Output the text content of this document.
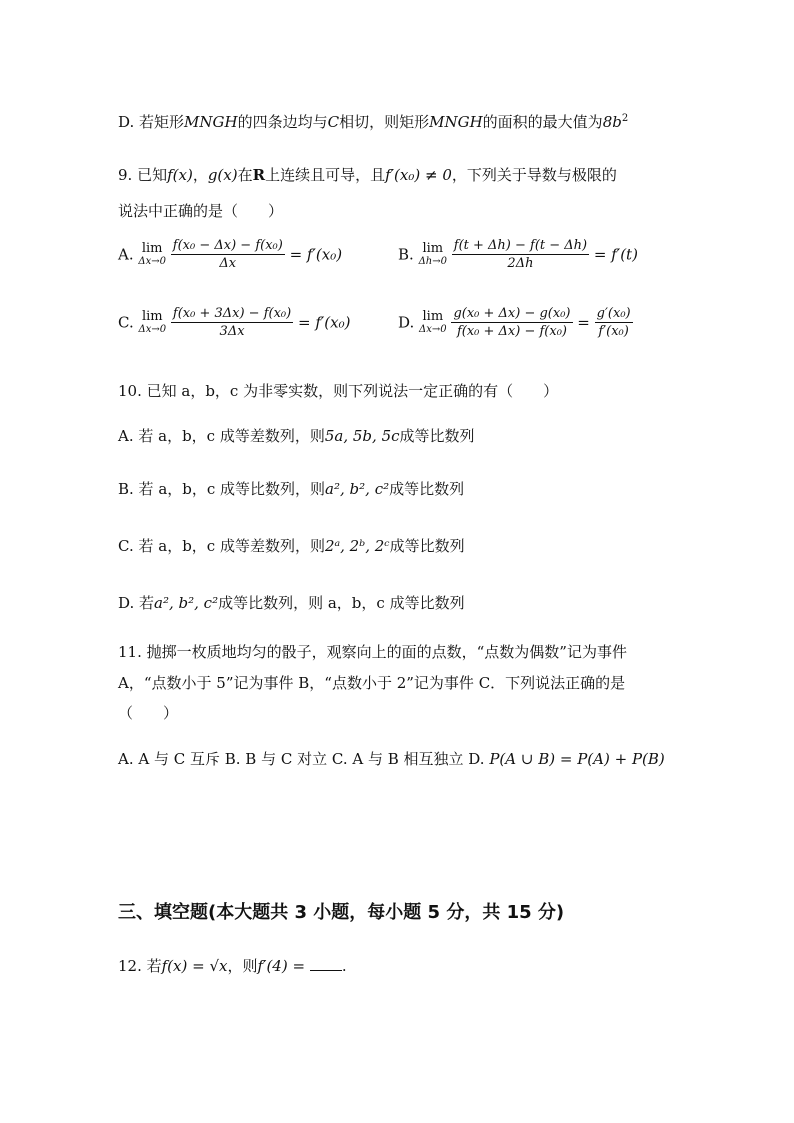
D. 若矩形MNGH的四条边均与C相切，则矩形MNGH的面积的最大值为$8b^2$
9. 已知f(x)，g(x)在R上连续且可导，且f′(x₀) ≠ 0，下列关于导数与极限的
说法中正确的是（　　）
A. lim
Δx→0
$\frac{\text{f(x₀ − Δx) − f(x₀)}}{\Delta x} = f'(x_0)$	B. lim
Δh→0
$\frac{f(t + \Delta h) - f(t - \Delta h)}{2\Delta h} = f'(t)$
C. lim
Δx→0
$\frac{\text{f(x₀ + 3Δx) − f(x₀)}}{3\Delta x} = f'(x_0)$	D. lim
Δx→0
$\frac{\text{g(x₀ + Δx) − g(x₀)}}{\text{f(x₀ + Δx) − f(x₀)}} = \frac{\text{g′(x₀)}}{\text{f′(x₀)}}$
10. 已知 a，b，c 为非零实数，则下列说法一定正确的有（　　）
A. 若 a，b，c 成等差数列，则5a, 5b, 5c成等比数列
B. 若 a，b，c 成等比数列，则a², b², c²成等比数列
C. 若 a，b，c 成等差数列，则2ᵃ, 2ᵇ, 2ᶜ成等比数列
D. 若a², b², c²成等比数列，则 a，b，c 成等比数列
11. 抛掷一枚质地均匀的骰子，观察向上的面的点数，“点数为偶数”记为事件
A，“点数小于 5”记为事件 B，“点数小于 2”记为事件 C．下列说法正确的是
（　　）
A. A 与 C 互斥 B. B 与 C 对立 C. A 与 B 相互独立 D. P(A ∪ B) = P(A) + P(B)
三、填空题(本大题共 3 小题，每小题 5 分，共 15 分)
12. 若f(x) = √x，则f′(4) = .
